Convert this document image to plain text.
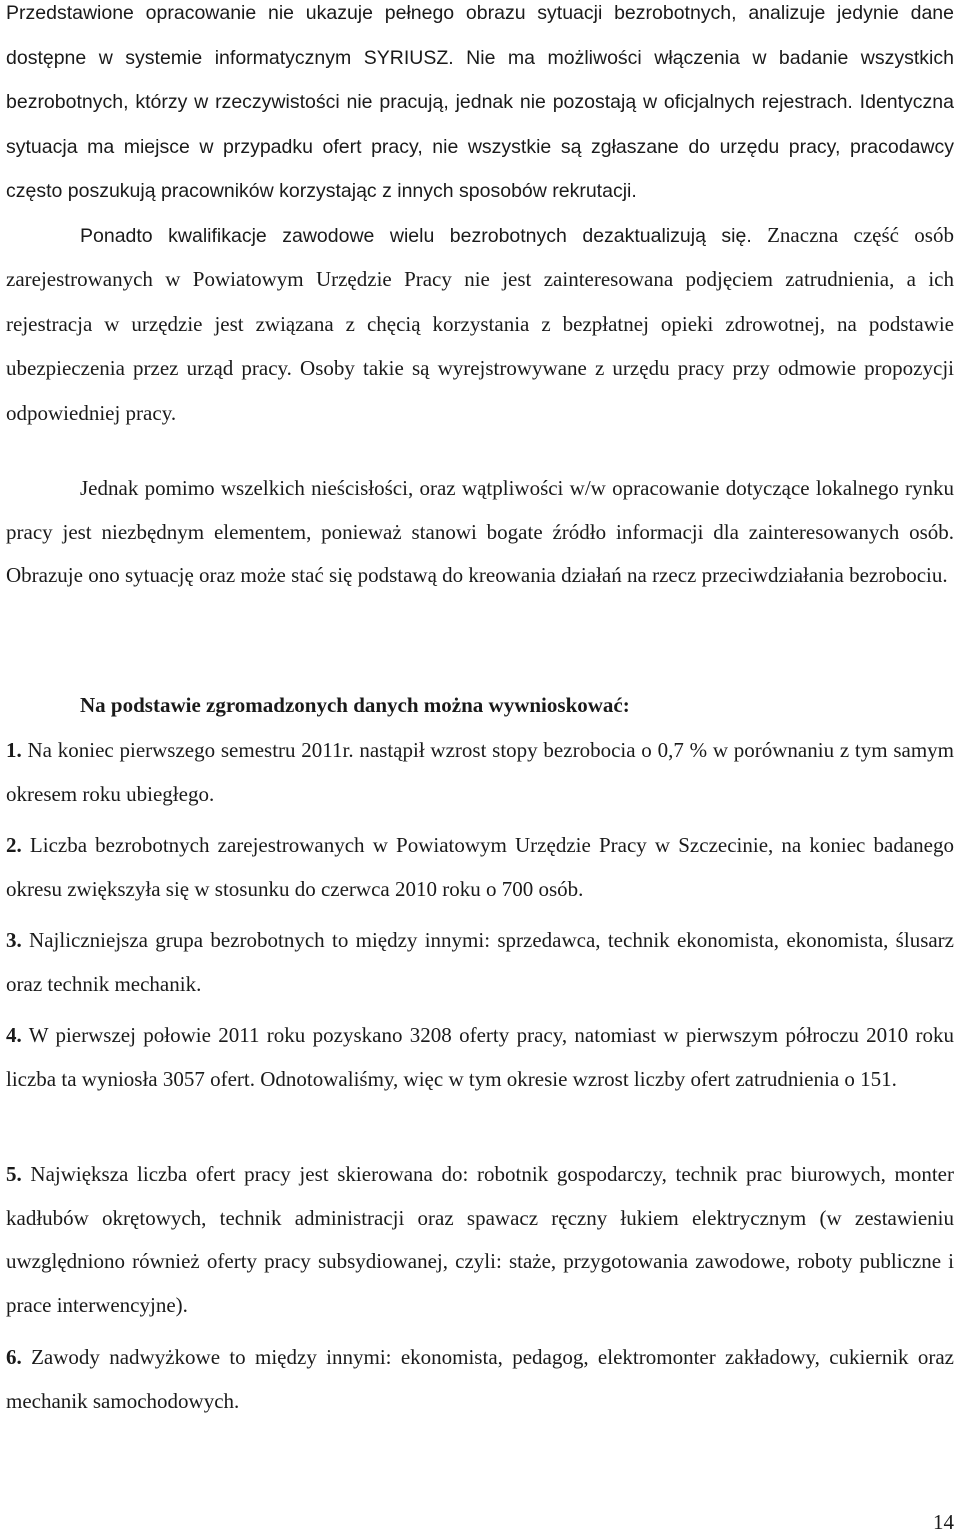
Przedstawione opracowanie nie ukazuje pełnego obrazu sytuacji bezrobotnych, analizuje jedynie dane dostępne w systemie informatycznym SYRIUSZ. Nie ma możliwości włączenia w badanie wszystkich bezrobotnych, którzy w rzeczywistości nie pracują, jednak nie pozostają w oficjalnych rejestrach. Identyczna sytuacja ma miejsce w przypadku ofert pracy, nie wszystkie są zgłaszane do urzędu pracy, pracodawcy często poszukują pracowników korzystając z innych sposobów rekrutacji.
Ponadto kwalifikacje zawodowe wielu bezrobotnych dezaktualizują się. Znaczna część osób zarejestrowanych w Powiatowym Urzędzie Pracy nie jest zainteresowana podjęciem zatrudnienia, a ich rejestracja w urzędzie jest związana z chęcią korzystania z bezpłatnej opieki zdrowotnej, na podstawie ubezpieczenia przez urząd pracy. Osoby takie są wyrejstrowywane z urzędu pracy przy odmowie propozycji odpowiedniej pracy.

Jednak pomimo wszelkich nieścisłości, oraz wątpliwości w/w opracowanie dotyczące lokalnego rynku pracy jest niezbędnym elementem, ponieważ stanowi bogate źródło informacji dla zainteresowanych osób. Obrazuje ono sytuację oraz może stać się podstawą do kreowania działań na rzecz przeciwdziałania bezrobociu.

Na podstawie zgromadzonych danych można wywnioskować:

1. Na koniec pierwszego semestru 2011r. nastąpił wzrost stopy bezrobocia o 0,7 % w porównaniu z tym samym okresem roku ubiegłego.

2. Liczba bezrobotnych zarejestrowanych w Powiatowym Urzędzie Pracy w Szczecinie, na koniec badanego okresu zwiększyła się w stosunku do czerwca 2010 roku o 700 osób.

3. Najliczniejsza grupa bezrobotnych to między innymi: sprzedawca, technik ekonomista, ekonomista, ślusarz oraz technik mechanik.

4. W pierwszej połowie 2011 roku pozyskano 3208 oferty pracy, natomiast w pierwszym półroczu 2010 roku liczba ta wyniosła 3057 ofert. Odnotowaliśmy, więc w tym okresie wzrost liczby ofert zatrudnienia o 151.

5. Największa liczba ofert pracy jest skierowana do: robotnik gospodarczy, technik prac biurowych, monter kadłubów okrętowych, technik administracji oraz spawacz ręczny łukiem elektrycznym (w zestawieniu uwzględniono również oferty pracy subsydiowanej, czyli: staże, przygotowania zawodowe, roboty publiczne i prace interwencyjne).

6. Zawody nadwyżkowe to między innymi: ekonomista, pedagog, elektromonter zakładowy, cukiernik oraz mechanik samochodowych.

14
